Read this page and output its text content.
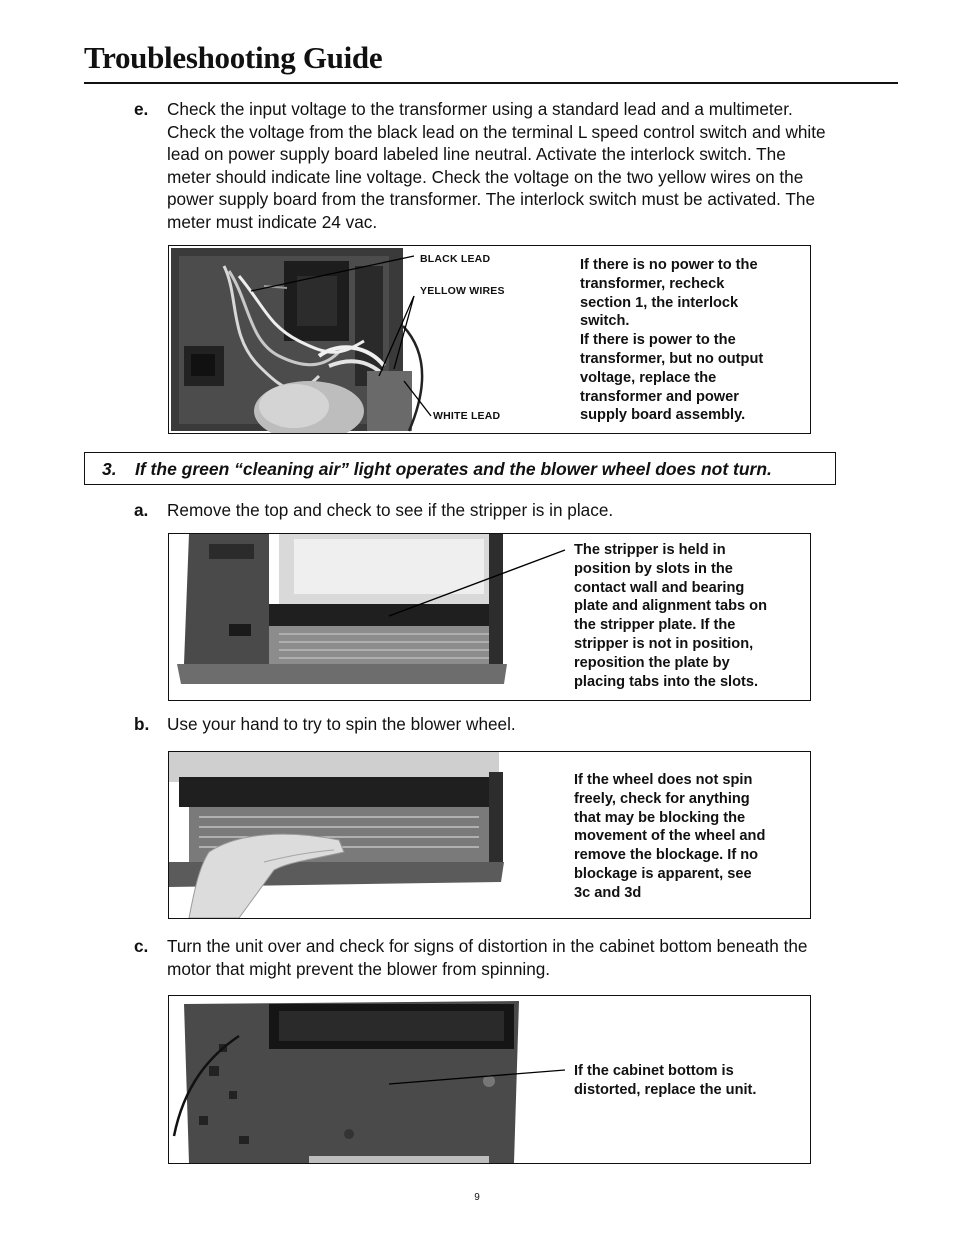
Troubleshooting Guide
e. Check the input voltage to the transformer using a standard lead and a multimeter.
Check the voltage from the black lead on the terminal L speed control switch and white
lead on power supply board labeled line neutral. Activate the interlock switch. The
meter should indicate line voltage. Check the voltage on the two yellow wires on the
power supply board from the transformer. The interlock switch must be activated. The
meter must indicate 24 vac.
BLACK LEAD
YELLOW WIRES
WHITE LEAD
If there is no power to the
transformer, recheck
section 1, the interlock
switch.
If there is power to the
transformer, but no output
voltage, replace the
transformer and power
supply board assembly.
3. If the green “cleaning air” light operates and the blower wheel does not turn.
a. Remove the top and check to see if the stripper is in place.
The stripper is held in
position by slots in the
contact wall and bearing
plate and alignment tabs on
the stripper plate. If the
stripper is not in position,
reposition the plate by
placing tabs into the slots.
b. Use your hand to try to spin the blower wheel.
If the wheel does not spin
freely, check for anything
that may be blocking the
movement of the wheel and
remove the blockage. If no
blockage is apparent, see
3c and 3d
c. Turn the unit over and check for signs of distortion in the cabinet bottom beneath the
motor that might prevent the blower from spinning.
If the cabinet bottom is
distorted, replace the unit.
9
